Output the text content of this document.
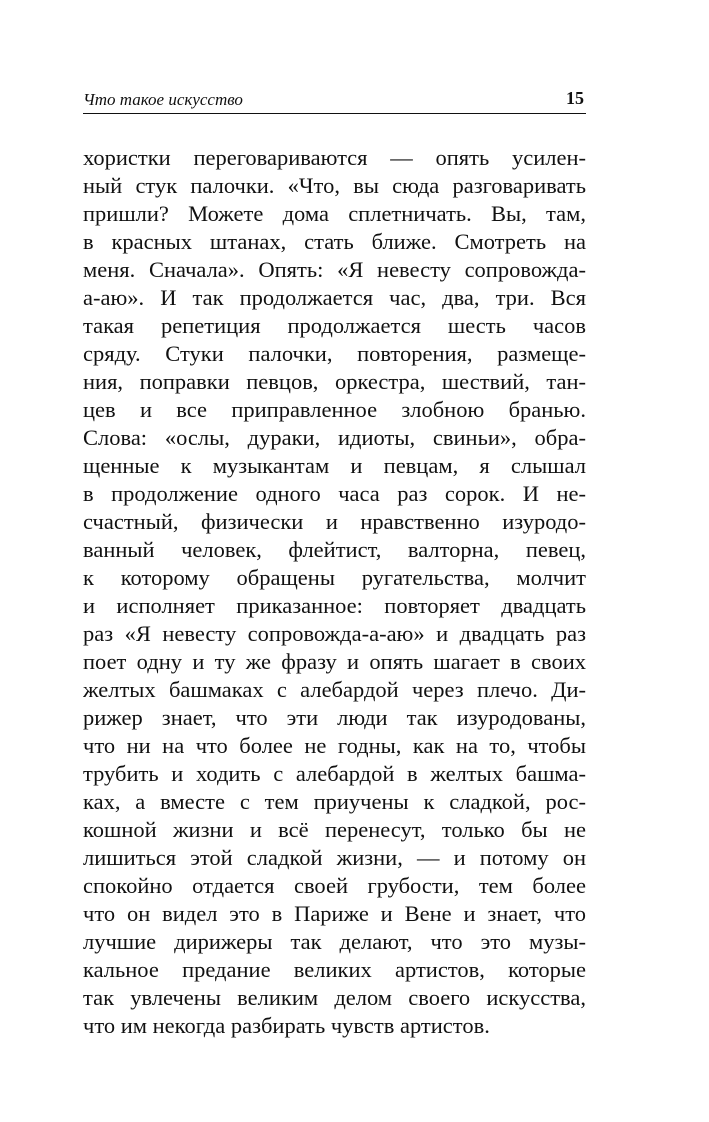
Что такое искусство	15
хористки переговариваются — опять усилен-
ный стук палочки. «Что, вы сюда разговаривать
пришли? Можете дома сплетничать. Вы, там,
в красных штанах, стать ближе. Смотреть на
меня. Сначала». Опять: «Я невесту сопровожда-
а-аю». И так продолжается час, два, три. Вся
такая репетиция продолжается шесть часов
сряду. Стуки палочки, повторения, размеще-
ния, поправки певцов, оркестра, шествий, тан-
цев и все приправленное злобною бранью.
Слова: «ослы, дураки, идиоты, свиньи», обра-
щенные к музыкантам и певцам, я слышал
в продолжение одного часа раз сорок. И не-
счастный, физически и нравственно изуродо-
ванный человек, флейтист, валторна, певец,
к которому обращены ругательства, молчит
и исполняет приказанное: повторяет двадцать
раз «Я невесту сопровожда-а-аю» и двадцать раз
поет одну и ту же фразу и опять шагает в своих
желтых башмаках с алебардой через плечо. Ди-
рижер знает, что эти люди так изуродованы,
что ни на что более не годны, как на то, чтобы
трубить и ходить с алебардой в желтых башма-
ках, а вместе с тем приучены к сладкой, рос-
кошной жизни и всё перенесут, только бы не
лишиться этой сладкой жизни, — и потому он
спокойно отдается своей грубости, тем более
что он видел это в Париже и Вене и знает, что
лучшие дирижеры так делают, что это музы-
кальное предание великих артистов, которые
так увлечены великим делом своего искусства,
что им некогда разбирать чувств артистов.
